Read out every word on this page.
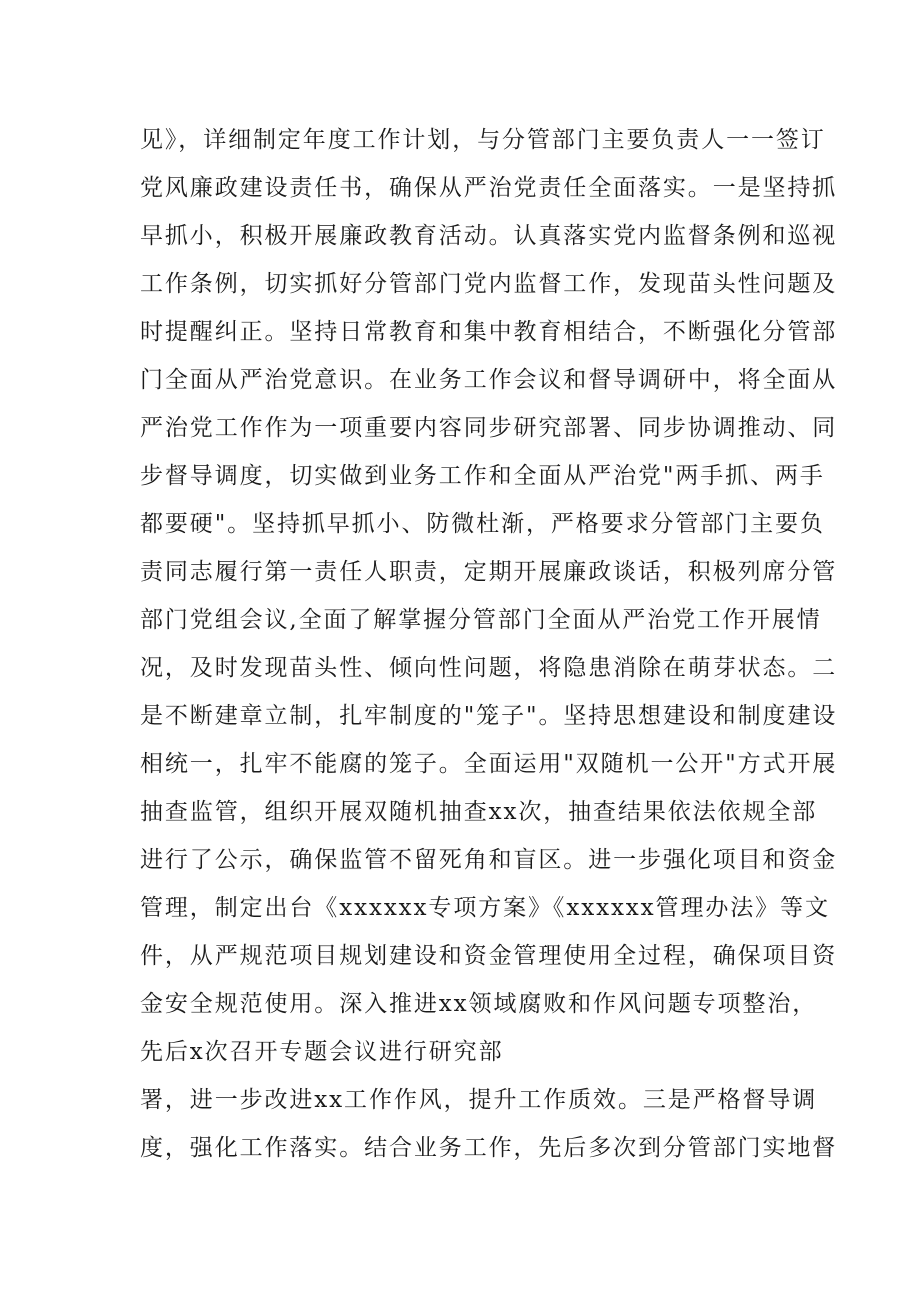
见》，详细制定年度工作计划，与分管部门主要负责人一一签订
党风廉政建设责任书，确保从严治党责任全面落实。一是坚持抓
早抓小，积极开展廉政教育活动。认真落实党内监督条例和巡视
工作条例，切实抓好分管部门党内监督工作，发现苗头性问题及
时提醒纠正。坚持日常教育和集中教育相结合，不断强化分管部
门全面从严治党意识。在业务工作会议和督导调研中，将全面从
严治党工作作为一项重要内容同步研究部署、同步协调推动、同
步督导调度，切实做到业务工作和全面从严治党"两手抓、两手
都要硬"。坚持抓早抓小、防微杜渐，严格要求分管部门主要负
责同志履行第一责任人职责，定期开展廉政谈话，积极列席分管
部门党组会议,全面了解掌握分管部门全面从严治党工作开展情
况，及时发现苗头性、倾向性问题，将隐患消除在萌芽状态。二
是不断建章立制，扎牢制度的"笼子"。坚持思想建设和制度建设
相统一，扎牢不能腐的笼子。全面运用"双随机一公开"方式开展
抽查监管，组织开展双随机抽查xx次，抽查结果依法依规全部
进行了公示，确保监管不留死角和盲区。进一步强化项目和资金
管理，制定出台《xxxxxx专项方案》《xxxxxx管理办法》等文
件，从严规范项目规划建设和资金管理使用全过程，确保项目资
金安全规范使用。深入推进xx领域腐败和作风问题专项整治，
先后x次召开专题会议进行研究部
署，进一步改进xx工作作风，提升工作质效。三是严格督导调
度，强化工作落实。结合业务工作，先后多次到分管部门实地督
